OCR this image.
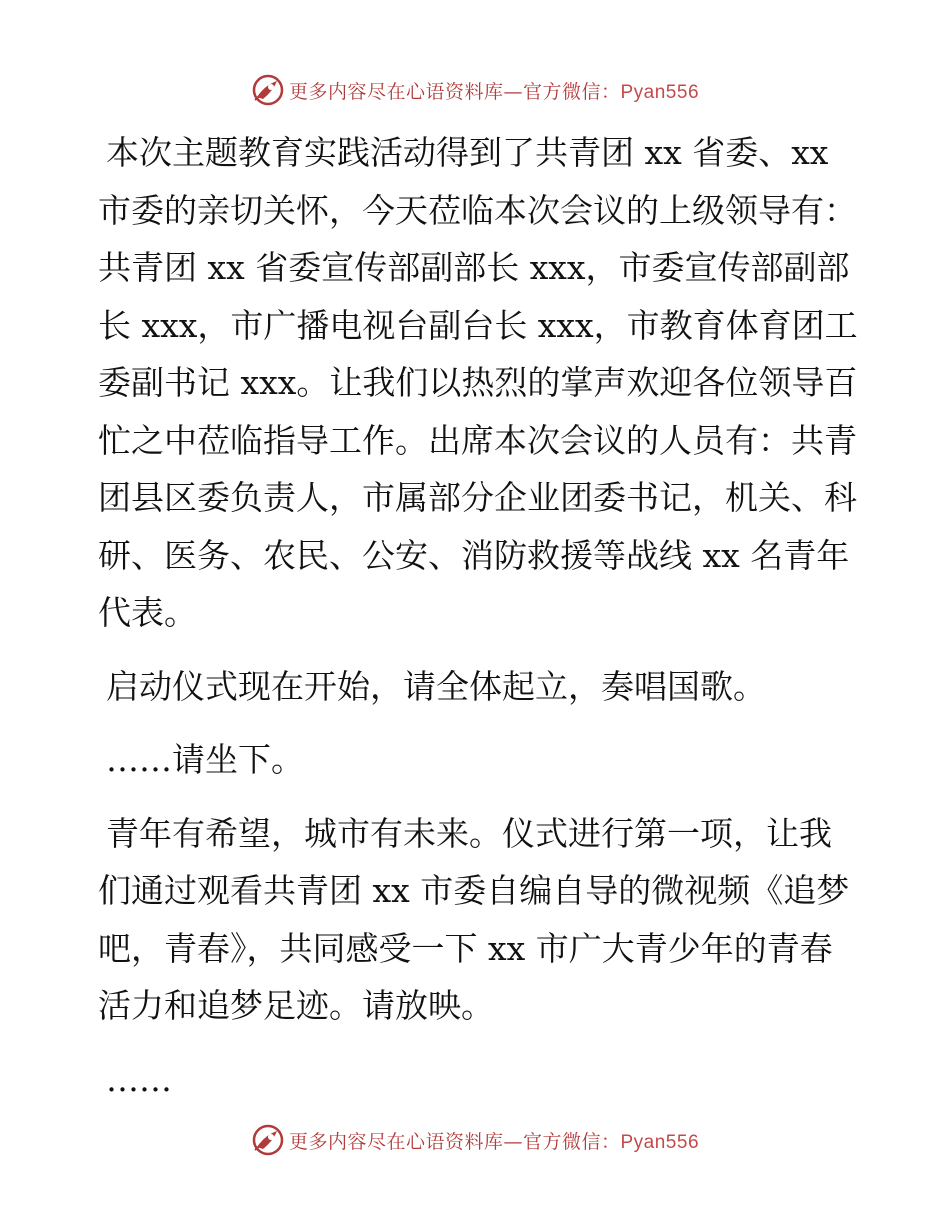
更多内容尽在心语资料库—官方微信：Pyan556

本次主题教育实践活动得到了共青团 xx 省委、xx 市委的亲切关怀，今天莅临本次会议的上级领导有：共青团 xx 省委宣传部副部长 xxx，市委宣传部副部长 xxx，市广播电视台副台长 xxx，市教育体育团工委副书记 xxx。让我们以热烈的掌声欢迎各位领导百忙之中莅临指导工作。出席本次会议的人员有：共青团县区委负责人，市属部分企业团委书记，机关、科研、医务、农民、公安、消防救援等战线 xx 名青年代表。

启动仪式现在开始，请全体起立，奏唱国歌。

……请坐下。

青年有希望，城市有未来。仪式进行第一项，让我们通过观看共青团 xx 市委自编自导的微视频《追梦吧，青春》，共同感受一下 xx 市广大青少年的青春活力和追梦足迹。请放映。

……

更多内容尽在心语资料库—官方微信：Pyan556
